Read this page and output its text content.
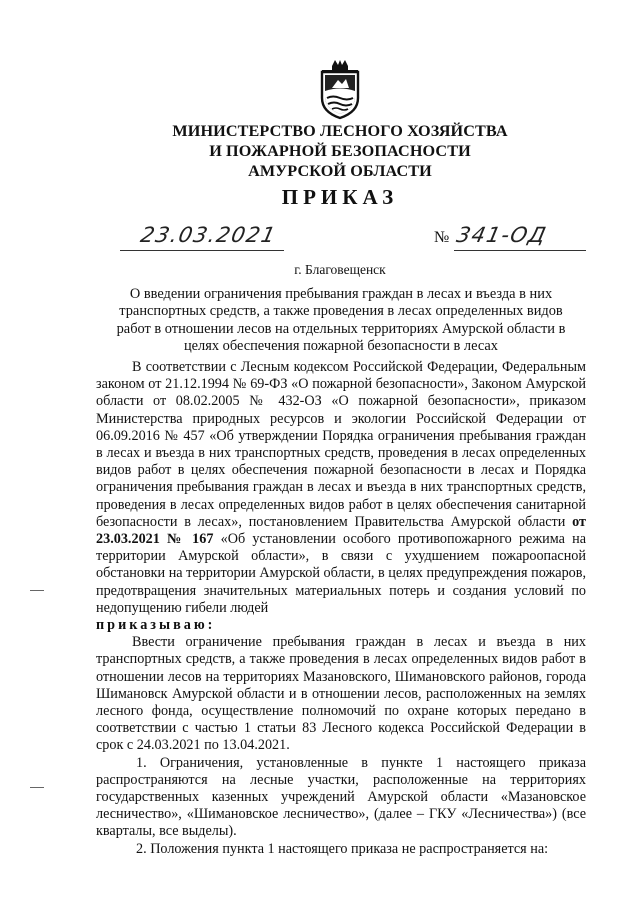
МИНИСТЕРСТВО ЛЕСНОГО ХОЗЯЙСТВА
И ПОЖАРНОЙ БЕЗОПАСНОСТИ
АМУРСКОЙ ОБЛАСТИ
ПРИКАЗ
23.03.2021	№ 341-ОД
г. Благовещенск
О введении ограничения пребывания граждан в лесах и въезда в них транспортных средств, а также проведения в лесах определенных видов работ в отношении лесов на отдельных территориях Амурской области в целях обеспечения пожарной безопасности в лесах

В соответствии с Лесным кодексом Российской Федерации, Федеральным законом от 21.12.1994 № 69-ФЗ «О пожарной безопасности», Законом Амурской области от 08.02.2005 № 432-ОЗ «О пожарной безопасности», приказом Министерства природных ресурсов и экологии Российской Федерации от 06.09.2016 № 457 «Об утверждении Порядка ограничения пребывания граждан в лесах и въезда в них транспортных средств, проведения в лесах определенных видов работ в целях обеспечения пожарной безопасности в лесах и Порядка ограничения пребывания граждан в лесах и въезда в них транспортных средств, проведения в лесах определенных видов работ в целях обеспечения санитарной безопасности в лесах», постановлением Правительства Амурской области от 23.03.2021 № 167 «Об установлении особого противопожарного режима на территории Амурской области», в связи с ухудшением пожароопасной обстановки на территории Амурской области, в целях предупреждения пожаров, предотвращения значительных материальных потерь и создания условий по недопущению гибели людей

приказываю:

Ввести ограничение пребывания граждан в лесах и въезда в них транспортных средств, а также проведения в лесах определенных видов работ в отношении лесов на территориях Мазановского, Шимановского районов, города Шимановск Амурской области и в отношении лесов, расположенных на землях лесного фонда, осуществление полномочий по охране которых передано в соответствии с частью 1 статьи 83 Лесного кодекса Российской Федерации в срок с 24.03.2021 по 13.04.2021.

1. Ограничения, установленные в пункте 1 настоящего приказа распространяются на лесные участки, расположенные на территориях государственных казенных учреждений Амурской области «Мазановское лесничество», «Шимановское лесничество», (далее – ГКУ «Лесничества») (все кварталы, все выделы).

2. Положения пункта 1 настоящего приказа не распространяется на:
